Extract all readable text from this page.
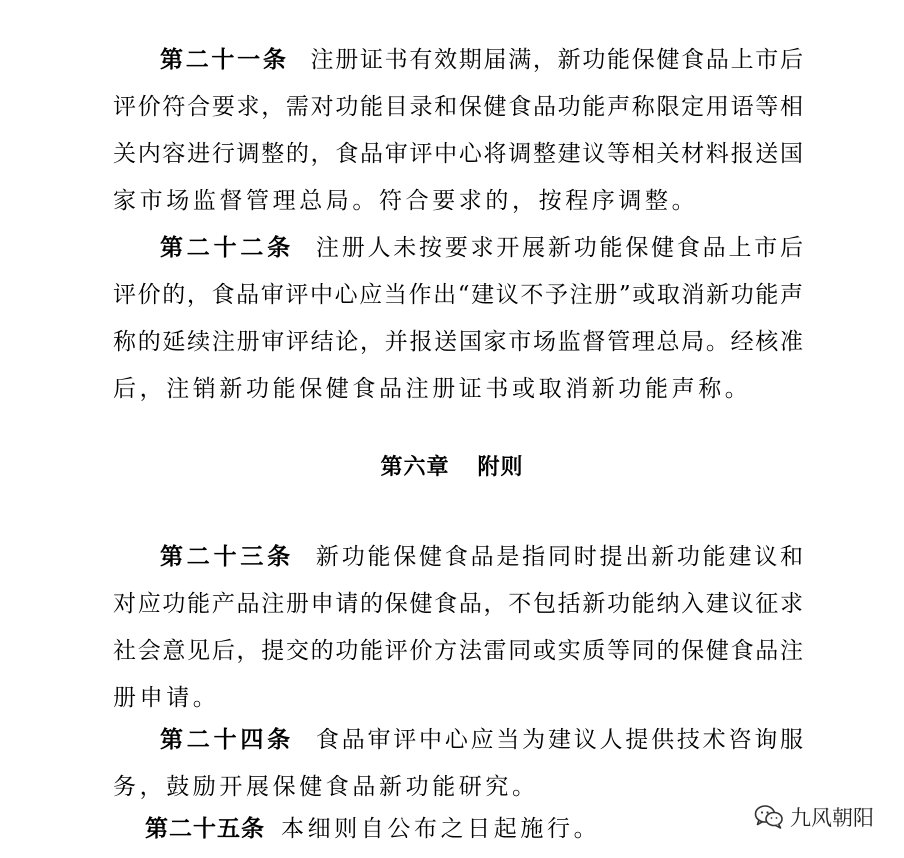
第二十一条 注册证书有效期届满，新功能保健食品上市后
评价符合要求，需对功能目录和保健食品功能声称限定用语等相
关内容进行调整的，食品审评中心将调整建议等相关材料报送国
家市场监督管理总局。符合要求的，按程序调整。
第二十二条 注册人未按要求开展新功能保健食品上市后
评价的，食品审评中心应当作出“建议不予注册”或取消新功能声
称的延续注册审评结论，并报送国家市场监督管理总局。经核准
后，注销新功能保健食品注册证书或取消新功能声称。
第六章 附则
第二十三条 新功能保健食品是指同时提出新功能建议和
对应功能产品注册申请的保健食品，不包括新功能纳入建议征求
社会意见后，提交的功能评价方法雷同或实质等同的保健食品注
册申请。
第二十四条 食品审评中心应当为建议人提供技术咨询服
务，鼓励开展保健食品新功能研究。
第二十五条 本细则自公布之日起施行。	九风朝阳
